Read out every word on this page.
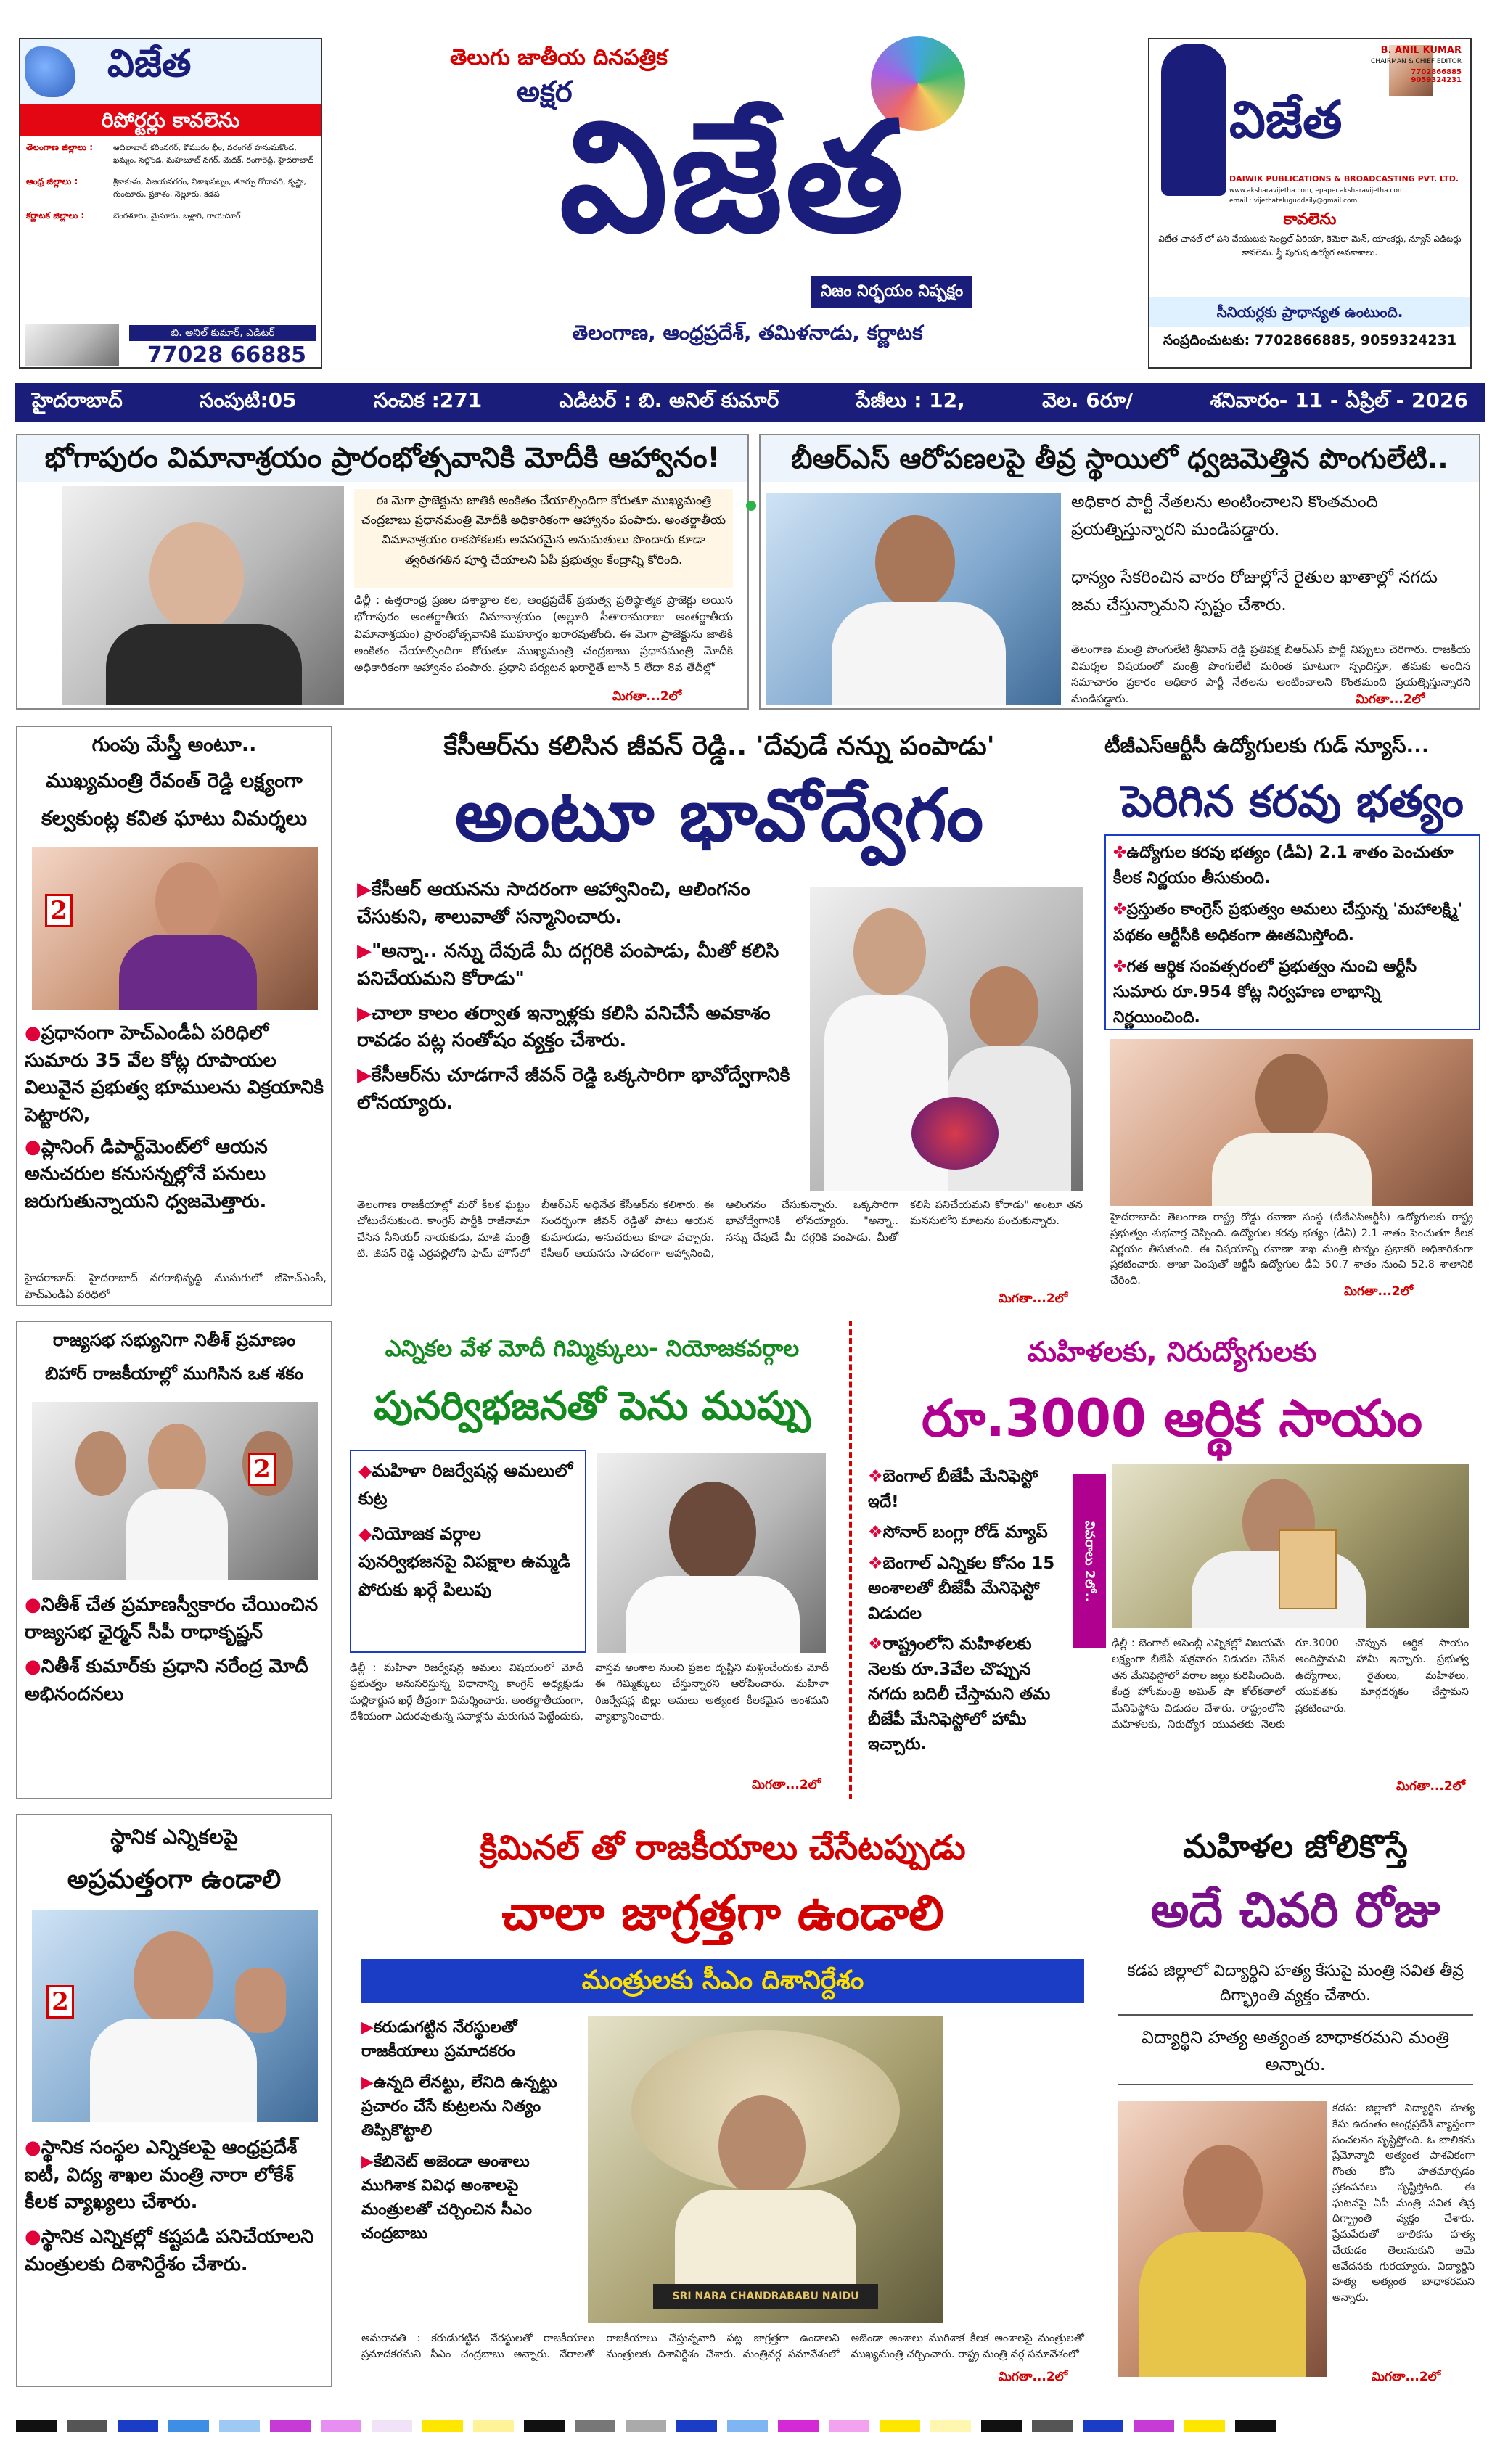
విజేత
రిపోర్టర్లు కావలెను
తెలంగాణ జిల్లాలు :	ఆదిలాబాద్ కరీంనగర్, కొమురం భీం, వరంగల్ హనుమకొండ, ఖమ్మం, నల్గొండ, మహబూబ్ నగర్, మెదక్, రంగారెడ్డి, హైదరాబాద్
ఆంధ్ర జిల్లాలు :	శ్రీకాకుళం, విజయనగరం, విశాఖపట్నం, తూర్పు గోదావరి, కృష్ణా, గుంటూరు, ప్రకాశం, నెల్లూరు, కడప
కర్ణాటక జిల్లాలు :	బెంగళూరు, మైసూరు, బళ్లారి, రాయచూర్
బి. అనిల్ కుమార్, ఎడిటర్
77028 66885
తెలుగు జాతీయ దినపత్రిక
అక్షర
విజేత
నిజం నిర్భయం నిష్పక్షం
తెలంగాణ, ఆంధ్రప్రదేశ్, తమిళనాడు, కర్ణాటక
B. ANIL KUMAR
CHAIRMAN & CHIEF EDITOR
7702866885 9059324231
విజేత
DAIWIK PUBLICATIONS & BROADCASTING PVT. LTD.
www.aksharavijetha.com, epaper.aksharavijetha.com
email : vijethateluguddaily@gmail.com
కావలెను
విజేత ఛానల్ లో పని చేయుటకు సెంట్రల్ ఏరియా, కెమెరా మెన్, యాంకర్లు, న్యూస్ ఎడిటర్లు కావలెను. స్త్రీ పురుష ఉద్యోగ అవకాశాలు.
సీనియర్లకు ప్రాధాన్యత ఉంటుంది.
సంప్రదించుటకు: 7702866885, 9059324231
హైదరాబాద్	సంపుటి:05	సంచిక :271	ఎడిటర్ : బి. అనిల్ కుమార్	పేజీలు : 12,	వెల. 6రూ/	శనివారం- 11 - ఏప్రిల్ - 2026
భోగాపురం విమానాశ్రయం ప్రారంభోత్సవానికి మోదీకి ఆహ్వానం!
ఈ మెగా ప్రాజెక్టును జాతికి అంకితం చేయాల్సిందిగా కోరుతూ ముఖ్యమంత్రి చంద్రబాబు ప్రధానమంత్రి మోదీకి అధికారికంగా ఆహ్వానం పంపారు. అంతర్జాతీయ విమానాశ్రయం రాకపోకలకు అవసరమైన అనుమతులు పొందారు కూడా త్వరితగతిన పూర్తి చేయాలని ఏపీ ప్రభుత్వం కేంద్రాన్ని కోరింది.
ఢిల్లీ : ఉత్తరాంధ్ర ప్రజల దశాబ్దాల కల, ఆంధ్రప్రదేశ్ ప్రభుత్వ ప్రతిష్ఠాత్మక ప్రాజెక్టు అయిన భోగాపురం అంతర్జాతీయ విమానాశ్రయం (అల్లూరి సీతారామరాజు అంతర్జాతీయ విమానాశ్రయం) ప్రారంభోత్సవానికి ముహూర్తం ఖరారవుతోంది. ఈ మెగా ప్రాజెక్టును జాతికి అంకితం చేయాల్సిందిగా కోరుతూ ముఖ్యమంత్రి చంద్రబాబు ప్రధానమంత్రి మోదీకి అధికారికంగా ఆహ్వానం పంపారు. ప్రధాని పర్యటన ఖరారైతే జూన్ 5 లేదా 8వ తేదీల్లో
మిగతా...2లో
బీఆర్ఎస్ ఆరోపణలపై తీవ్ర స్థాయిలో ధ్వజమెత్తిన పొంగులేటి..
అధికార పార్టీ నేతలను అంటించాలని కొంతమంది ప్రయత్నిస్తున్నారని మండిపడ్డారు.
ధాన్యం సేకరించిన వారం రోజుల్లోనే రైతుల ఖాతాల్లో నగదు జమ చేస్తున్నామని స్పష్టం చేశారు.
తెలంగాణ మంత్రి పొంగులేటి శ్రీనివాస్ రెడ్డి ప్రతిపక్ష బీఆర్ఎస్ పార్టీ నిప్పులు చెరిగారు. రాజకీయ విమర్శల విషయంలో మంత్రి పొంగులేటి మరింత ఘాటుగా స్పందిస్తూ, తమకు అందిన సమాచారం ప్రకారం అధికార పార్టీ నేతలను అంటించాలని కొంతమంది ప్రయత్నిస్తున్నారని మండిపడ్డారు.	మిగతా...2లో
గుంపు మేస్త్రీ అంటూ..
ముఖ్యమంత్రి రేవంత్ రెడ్డి లక్ష్యంగా
కల్వకుంట్ల కవిత ఘాటు విమర్శలు
2
●ప్రధానంగా హెచ్ఎండీఏ పరిధిలో సుమారు 35 వేల కోట్ల రూపాయల విలువైన ప్రభుత్వ భూములను విక్రయానికి పెట్టారని,
●ప్లానింగ్ డిపార్ట్‌మెంట్‌లో ఆయన అనుచరుల కనుసన్నల్లోనే పనులు జరుగుతున్నాయని ధ్వజమెత్తారు.
హైదరాబాద్: హైదరాబాద్ నగరాభివృద్ధి ముసుగులో జీహెచ్ఎంసీ, హెచ్ఎండీఏ పరిధిలో
కేసీఆర్‌ను కలిసిన జీవన్ రెడ్డి.. 'దేవుడే నన్ను పంపాడు'
అంటూ భావోద్వేగం
▶కేసీఆర్ ఆయనను సాదరంగా ఆహ్వానించి, ఆలింగనం చేసుకుని, శాలువాతో సన్మానించారు.
▶"అన్నా.. నన్ను దేవుడే మీ దగ్గరికి పంపాడు, మీతో కలిసి పనిచేయమని కోరాడు"
▶చాలా కాలం తర్వాత ఇన్నాళ్లకు కలిసి పనిచేసే అవకాశం రావడం పట్ల సంతోషం వ్యక్తం చేశారు.
▶కేసీఆర్‌ను చూడగానే జీవన్ రెడ్డి ఒక్కసారిగా భావోద్వేగానికి లోనయ్యారు.
తెలంగాణ రాజకీయాల్లో మరో కీలక ఘట్టం చోటుచేసుకుంది. కాంగ్రెస్ పార్టీకి రాజీనామా చేసిన సీనియర్ నాయకుడు, మాజీ మంత్రి టి. జీవన్ రెడ్డి ఎర్రవల్లిలోని ఫామ్ హౌస్‌లో బీఆర్ఎస్ అధినేత కేసీఆర్‌ను కలిశారు. ఈ సందర్భంగా జీవన్ రెడ్డితో పాటు ఆయన కుమారుడు, అనుచరులు కూడా వచ్చారు. కేసీఆర్ ఆయనను సాదరంగా ఆహ్వానించి, ఆలింగనం చేసుకున్నారు. ఒక్కసారిగా భావోద్వేగానికి లోనయ్యారు. "అన్నా.. నన్ను దేవుడే మీ దగ్గరికి పంపాడు, మీతో కలిసి పనిచేయమని కోరాడు" అంటూ తన మనసులోని మాటను పంచుకున్నారు.
మిగతా...2లో
టీజీఎస్ఆర్టీసీ ఉద్యోగులకు గుడ్ న్యూస్...
పెరిగిన కరవు భత్యం
✤ఉద్యోగుల కరవు భత్యం (డీఏ) 2.1 శాతం పెంచుతూ కీలక నిర్ణయం తీసుకుంది.
✤ప్రస్తుతం కాంగ్రెస్ ప్రభుత్వం అమలు చేస్తున్న 'మహాలక్ష్మి' పథకం ఆర్టీసీకి అధికంగా ఊతమిస్తోంది.
✤గత ఆర్థిక సంవత్సరంలో ప్రభుత్వం నుంచి ఆర్టీసీ సుమారు రూ.954 కోట్ల నిర్వహణ లాభాన్ని నిర్ణయించింది.
హైదరాబాద్: తెలంగాణ రాష్ట్ర రోడ్డు రవాణా సంస్థ (టీజీఎస్ఆర్టీసీ) ఉద్యోగులకు రాష్ట్ర ప్రభుత్వం శుభవార్త చెప్పింది. ఉద్యోగుల కరవు భత్యం (డీఏ) 2.1 శాతం పెంచుతూ కీలక నిర్ణయం తీసుకుంది. ఈ విషయాన్ని రవాణా శాఖ మంత్రి పొన్నం ప్రభాకర్ అధికారికంగా ప్రకటించారు. తాజా పెంపుతో ఆర్టీసీ ఉద్యోగుల డీఏ 50.7 శాతం నుంచి 52.8 శాతానికి చేరింది.
మిగతా...2లో
రాజ్యసభ సభ్యునిగా నితీశ్ ప్రమాణం
బిహార్ రాజకీయాల్లో ముగిసిన ఒక శకం
2
●నితీశ్ చేత ప్రమాణస్వీకారం చేయించిన రాజ్యసభ ఛైర్మన్ సీపీ రాధాకృష్ణన్
●నితీశ్ కుమార్‌కు ప్రధాని నరేంద్ర మోదీ అభినందనలు
ఎన్నికల వేళ మోదీ గిమ్మిక్కులు- నియోజకవర్గాల
పునర్విభజనతో పెను ముప్పు
◆మహిళా రిజర్వేషన్ల అమలులో కుట్ర
◆నియోజక వర్గాల పునర్విభజనపై విపక్షాల ఉమ్మడి పోరుకు ఖర్గే పిలుపు
ఢిల్లీ : మహిళా రిజర్వేషన్ల అమలు విషయంలో మోదీ ప్రభుత్వం అనుసరిస్తున్న విధానాన్ని కాంగ్రెస్ అధ్యక్షుడు మల్లికార్జున ఖర్గే తీవ్రంగా విమర్శించారు. అంతర్జాతీయంగా, దేశీయంగా ఎదురవుతున్న సవాళ్లను మరుగున పెట్టేందుకు, వాస్తవ అంశాల నుంచి ప్రజల దృష్టిని మళ్లించేందుకు మోదీ ఈ గిమ్మిక్కులు చేస్తున్నారని ఆరోపించారు. మహిళా రిజర్వేషన్ల బిల్లు అమలు అత్యంత కీలకమైన అంశమని వ్యాఖ్యానించారు.
మిగతా...2లో
మహిళలకు, నిరుద్యోగులకు
రూ.3000 ఆర్థిక సాయం
❖బెంగాల్ బీజేపీ మేనిఫెస్టో ఇదే!
❖సోనార్ బంగ్లా రోడ్ మ్యాప్
❖బెంగాల్ ఎన్నికల కోసం 15 అంశాలతో బీజేపీ మేనిఫెస్టో విడుదల
❖రాష్ట్రంలోని మహిళలకు నెలకు రూ.3వేల చొప్పున నగదు బదిలీ చేస్తామని తమ బీజేపీ మేనిఫెస్టోలో హామీ ఇచ్చారు.
వివరాలు 2లో..
ఢిల్లీ : బెంగాల్ అసెంబ్లీ ఎన్నికల్లో విజయమే లక్ష్యంగా బీజేపీ శుక్రవారం విడుదల చేసిన తన మేనిఫెస్టోలో వరాల జల్లు కురిపించింది. కేంద్ర హోంమంత్రి అమిత్ షా కోల్‌కతాలో మేనిఫెస్టోను విడుదల చేశారు. రాష్ట్రంలోని మహిళలకు, నిరుద్యోగ యువతకు నెలకు రూ.3000 చొప్పున ఆర్థిక సాయం అందిస్తామని హామీ ఇచ్చారు. ప్రభుత్వ ఉద్యోగాలు, రైతులు, మహిళలు, యువతకు మార్గదర్శకం చేస్తామని ప్రకటించారు.
మిగతా...2లో
స్థానిక ఎన్నికలపై
అప్రమత్తంగా ఉండాలి
2
●స్థానిక సంస్థల ఎన్నికలపై ఆంధ్రప్రదేశ్ ఐటీ, విద్య శాఖల మంత్రి నారా లోకేశ్ కీలక వ్యాఖ్యలు చేశారు.
●స్థానిక ఎన్నికల్లో కష్టపడి పనిచేయాలని మంత్రులకు దిశానిర్దేశం చేశారు.
క్రిమినల్ తో రాజకీయాలు చేసేటప్పుడు
చాలా జాగ్రత్తగా ఉండాలి
మంత్రులకు సీఎం దిశానిర్దేశం
▶కరుడుగట్టిన నేరస్థులతో రాజకీయాలు ప్రమాదకరం
▶ఉన్నది లేనట్టు, లేనిది ఉన్నట్టు ప్రచారం చేసే కుట్రలను నిత్యం తిప్పికొట్టాలి
▶కేబినెట్ అజెండా అంశాలు ముగిశాక వివిధ అంశాలపై మంత్రులతో చర్చించిన సీఎం చంద్రబాబు
SRI NARA CHANDRABABU NAIDU
అమరావతి : కరుడుగట్టిన నేరస్థులతో రాజకీయాలు ప్రమాదకరమని సీఎం చంద్రబాబు అన్నారు. నేరాలతో రాజకీయాలు చేస్తున్నవారి పట్ల జాగ్రత్తగా ఉండాలని మంత్రులకు దిశానిర్దేశం చేశారు. మంత్రివర్గ సమావేశంలో అజెండా అంశాలు ముగిశాక కీలక అంశాలపై మంత్రులతో ముఖ్యమంత్రి చర్చించారు. రాష్ట్ర మంత్రి వర్గ సమావేశంలో
మిగతా...2లో
మహిళల జోలికొస్తే
అదే చివరి రోజు
కడప జిల్లాలో విద్యార్థిని హత్య కేసుపై మంత్రి సవిత తీవ్ర దిగ్భ్రాంతి వ్యక్తం చేశారు.
విద్యార్థిని హత్య అత్యంత బాధాకరమని మంత్రి అన్నారు.
కడప: జిల్లాలో విద్యార్థిని హత్య కేసు ఉదంతం ఆంధ్రప్రదేశ్ వ్యాప్తంగా సంచలనం సృష్టిస్తోంది. ఓ బాలికను ప్రేమోన్మాది అత్యంత పాశవికంగా గొంతు కోసి హతమార్చడం ప్రకంపనలు సృష్టిస్తోంది. ఈ ఘటనపై ఏపీ మంత్రి సవిత తీవ్ర దిగ్భ్రాంతి వ్యక్తం చేశారు. ప్రేమపేరుతో బాలికను హత్య చేయడం తెలుసుకుని ఆమె ఆవేదనకు గురయ్యారు. విద్యార్థిని హత్య అత్యంత బాధాకరమని అన్నారు.
మిగతా...2లో
